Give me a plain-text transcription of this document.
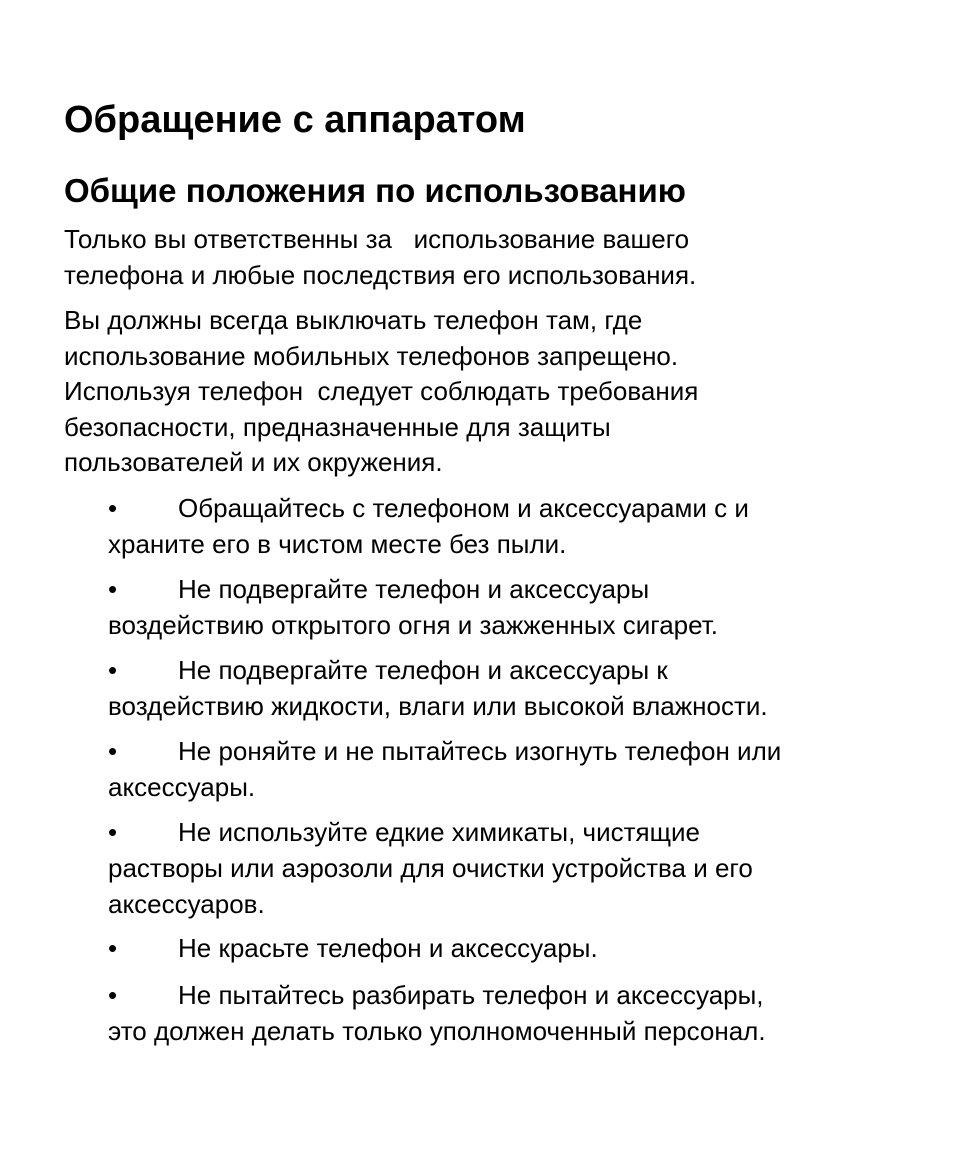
Обращение с аппаратом
Общие положения по использованию

Только вы ответственны за   использование вашего
телефона и любые последствия его использования.

Вы должны всегда выключать телефон там, где
использование мобильных телефонов запрещено.
Используя телефон  следует соблюдать требования
безопасности, предназначенные для защиты
пользователей и их окружения.

• Обращайтесь с телефоном и аксессуарами с и
храните его в чистом месте без пыли.
• Не подвергайте телефон и аксессуары
воздействию открытого огня и зажженных сигарет.
• Не подвергайте телефон и аксессуары к
воздействию жидкости, влаги или высокой влажности.
• Не роняйте и не пытайтесь изогнуть телефон или
аксессуары.
• Не используйте едкие химикаты, чистящие
растворы или аэрозоли для очистки устройства и его
аксессуаров.
• Не красьте телефон и аксессуары.
• Не пытайтесь разбирать телефон и аксессуары,
это должен делать только уполномоченный персонал.
